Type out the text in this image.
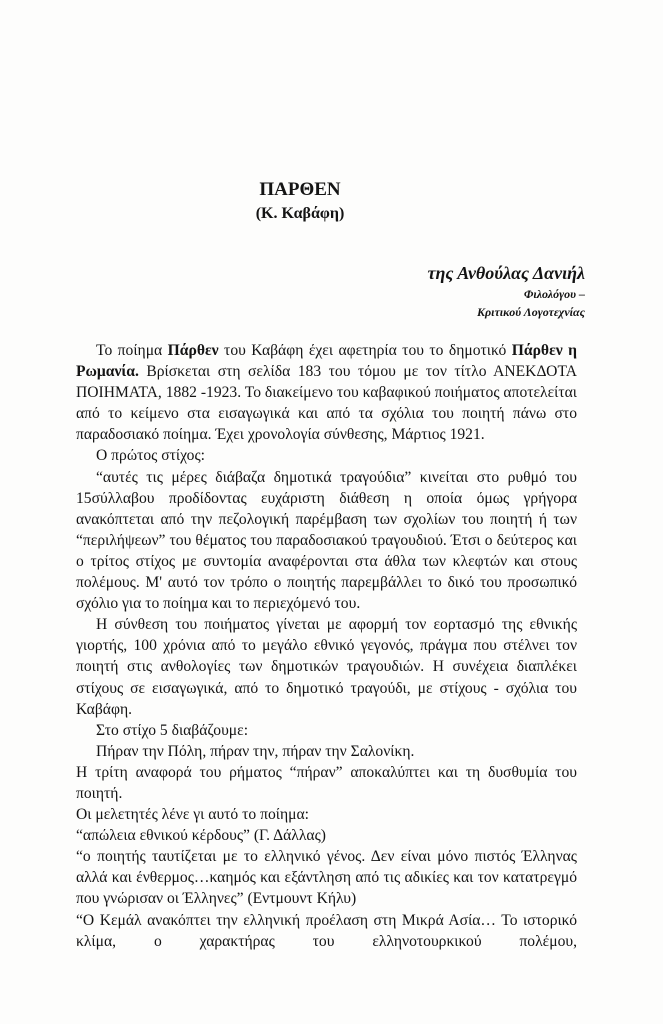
ΠΑΡΘΕΝ
(Κ. Καβάφη)

της Ανθούλας Δανιήλ

Φιλολόγου –

Κριτικού Λογοτεχνίας

Το ποίημα Πάρθεν του Καβάφη έχει αφετηρία του το δημοτικό Πάρθεν η Ρωμανία. Βρίσκεται στη σελίδα 183 του τόμου με τον τίτλο ΑΝΕΚΔΟΤΑ ΠΟΙΗΜΑΤΑ, 1882 -1923. Το διακείμενο του καβαφικού ποιήματος αποτελείται από το κείμενο στα εισαγωγικά και από τα σχόλια του ποιητή πάνω στο παραδοσιακό ποίημα. Έχει χρονολογία σύνθεσης, Μάρτιος 1921.

Ο πρώτος στίχος:

“αυτές τις μέρες διάβαζα δημοτικά τραγούδια” κινείται στο ρυθμό του 15σύλλαβου προδίδοντας ευχάριστη διάθεση η οποία όμως γρήγορα ανακόπτεται από την πεζολογική παρέμβαση των σχολίων του ποιητή ή των “περιλήψεων” του θέματος του παραδοσιακού τραγουδιού. Έτσι ο δεύτερος και ο τρίτος στίχος με συντομία αναφέρονται στα άθλα των κλεφτών και στους πολέμους. Μ' αυτό τον τρόπο ο ποιητής παρεμβάλλει το δικό του προσωπικό σχόλιο για το ποίημα και το περιεχόμενό του.

Η σύνθεση του ποιήματος γίνεται με αφορμή τον εορτασμό της εθνικής γιορτής, 100 χρόνια από το μεγάλο εθνικό γεγονός, πράγμα που στέλνει τον ποιητή στις ανθολογίες των δημοτικών τραγουδιών. Η συνέχεια διαπλέκει στίχους σε εισαγωγικά, από το δημοτικό τραγούδι, με στίχους - σχόλια του Καβάφη.

Στο στίχο 5 διαβάζουμε:

Πήραν την Πόλη, πήραν την, πήραν την Σαλονίκη.

Η τρίτη αναφορά του ρήματος “πήραν” αποκαλύπτει και τη δυσθυμία του ποιητή.

Οι μελετητές λένε γι αυτό το ποίημα:

“απώλεια εθνικού κέρδους” (Γ. Δάλλας)

“ο ποιητής ταυτίζεται με το ελληνικό γένος. Δεν είναι μόνο πιστός Έλληνας αλλά και ένθερμος…καημός και εξάντληση από τις αδικίες και τον κατατρεγμό που γνώρισαν οι Έλληνες” (Εντμουντ Κήλυ)

“Ο Κεμάλ ανακόπτει την ελληνική προέλαση στη Μικρά Ασία… Το ιστορικό κλίμα, ο χαρακτήρας του ελληνοτουρκικού πολέμου,
